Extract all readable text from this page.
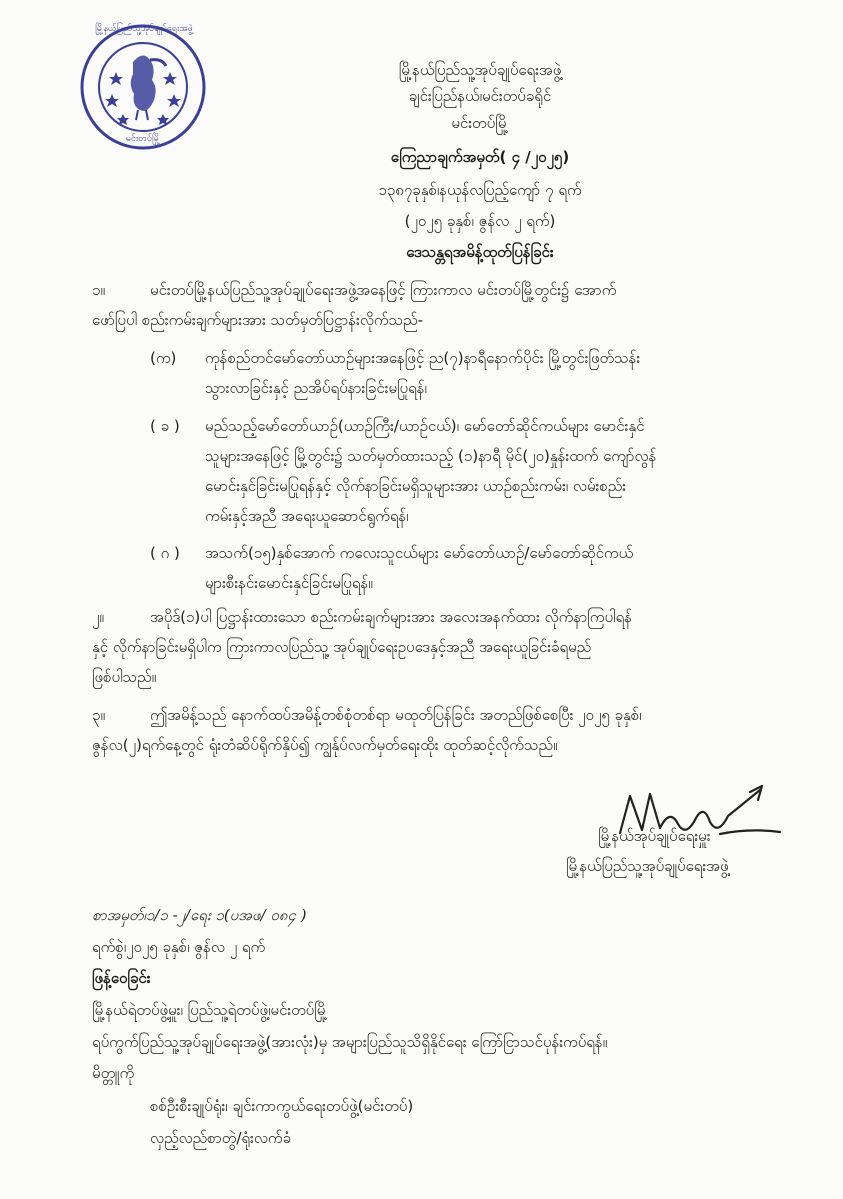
မြို့နယ်ပြည်သူ့အုပ်ချုပ်ရေးအဖွဲ့
မင်းတပ်မြို့
မြို့နယ်ပြည်သူ့အုပ်ချုပ်ရေးအဖွဲ့
ချင်းပြည်နယ်၊မင်းတပ်ခရိုင်
မင်းတပ်မြို့
ကြေညာချက်အမှတ်( ၄ /၂၀၂၅)
၁၃၈၇ခုနှစ်၊နယုန်လပြည့်ကျော် ၇ ရက်
(၂၀၂၅ ခုနှစ်၊ ဇွန်လ ၂ ရက်)
ဒေသန္တရအမိန့်ထုတ်ပြန်ခြင်း
၁။	မင်းတပ်မြို့နယ်ပြည်သူ့အုပ်ချုပ်ရေးအဖွဲ့အနေဖြင့် ကြားကာလ မင်းတပ်မြို့တွင်း၌ အောက်
ဖော်ပြပါ စည်းကမ်းချက်များအား သတ်မှတ်ပြဋ္ဌာန်းလိုက်သည်-
(က) ကုန်စည်တင်မော်တော်ယာဉ်များအနေဖြင့် ည(၇)နာရီနောက်ပိုင်း မြို့တွင်းဖြတ်သန်း
သွားလာခြင်းနှင့် ညအိပ်ရပ်နားခြင်းမပြုရန်၊
( ခ ) မည်သည့်မော်တော်ယာဉ်(ယာဉ်ကြီး/ယာဉ်ငယ်)၊ မော်တော်ဆိုင်ကယ်များ မောင်းနှင်
သူများအနေဖြင့် မြို့တွင်း၌ သတ်မှတ်ထားသည့် (၁)နာရီ မိုင်(၂၀)နှုန်းထက် ကျော်လွန်
မောင်းနှင်ခြင်းမပြုရန်နှင့် လိုက်နာခြင်းမရှိသူများအား ယာဉ်စည်းကမ်း၊ လမ်းစည်း
ကမ်းနှင့်အညီ အရေးယူဆောင်ရွက်ရန်၊
( ဂ ) အသက်(၁၅)နှစ်အောက် ကလေးသူငယ်များ မော်တော်ယာဉ်/မော်တော်ဆိုင်ကယ်
များစီးနင်းမောင်းနှင်ခြင်းမပြုရန်။
၂။	အပိုဒ်(၁)ပါ ပြဋ္ဌာန်းထားသော စည်းကမ်းချက်များအား အလေးအနက်ထား လိုက်နာကြပါရန်
နှင့် လိုက်နာခြင်းမရှိပါက ကြားကာလပြည်သူ့ အုပ်ချုပ်ရေးဥပဒေနှင့်အညီ အရေးယူခြင်းခံရမည်
ဖြစ်ပါသည်။
၃။	ဤအမိန့်သည် နောက်ထပ်အမိန့်တစ်စုံတစ်ရာ မထုတ်ပြန်ခြင်း အတည်ဖြစ်စေပြီး ၂၀၂၅ ခုနှစ်၊
ဇွန်လ(၂)ရက်နေ့တွင် ရုံးတံဆိပ်ရိုက်နှိပ်၍ ကျွန်ုပ်လက်မှတ်ရေးထိုး ထုတ်ဆင့်လိုက်သည်။
မြို့နယ်အုပ်ချုပ်ရေးမှူး
မြို့နယ်ပြည်သူ့အုပ်ချုပ်ရေးအဖွဲ့
စာအမှတ်၊၁/၁ -၂/ရေး ၁(ပအဖ/ ၀၈၄ )
ရက်စွဲ၊၂၀၂၅ ခုနှစ်၊ ဇွန်လ ၂ ရက်
ဖြန့်ဝေခြင်း
မြို့နယ်ရဲတပ်ဖွဲ့မှူး၊ ပြည်သူ့ရဲတပ်ဖွဲ့၊မင်းတပ်မြို့
ရပ်ကွက်ပြည်သူ့အုပ်ချုပ်ရေးအဖွဲ့(အားလုံး)မှ အများပြည်သူသိရှိနိုင်ရေး ကြော်ငြာသင်ပုန်းကပ်ရန်။
မိတ္တူကို
စစ်ဦးစီးချုပ်ရုံး၊ ချင်းကာကွယ်ရေးတပ်ဖွဲ့(မင်းတပ်)
လှည့်လည်စာတွဲ/ရုံးလက်ခံ
